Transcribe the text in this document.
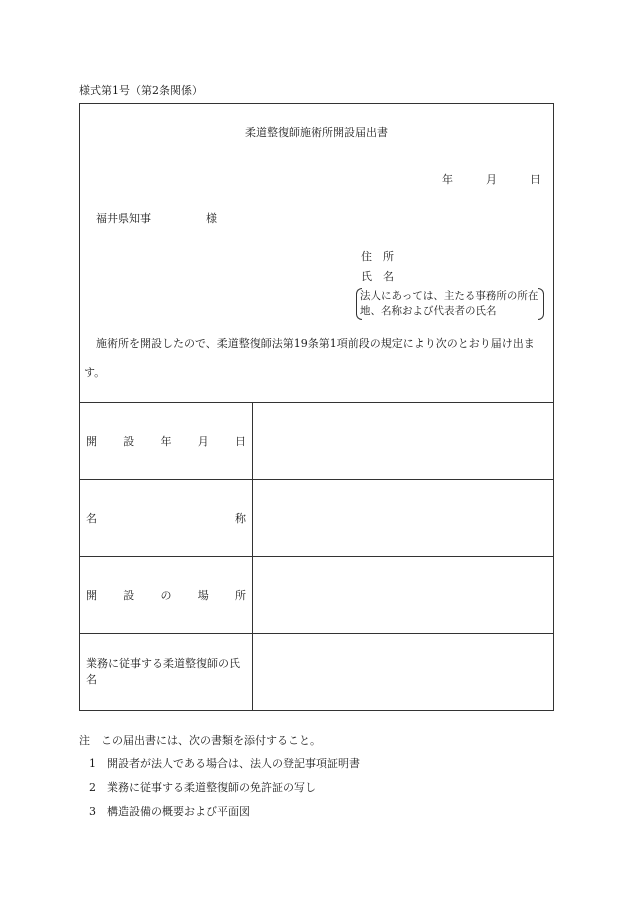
様式第1号（第2条関係）
柔道整復師施術所開設届出書
年	月	日
福井県知事	様
住　所
氏　名
法人にあっては、主たる事務所の所在地、名称および代表者の氏名
施術所を開設したので、柔道整復師法第19条第1項前段の規定により次のとおり届け出ます。
開 設 年 月 日	

名 称	

開 設 の 場 所	

業務に従事する柔道整復師の氏名	

注　この届出書には、次の書類を添付すること。
1　開設者が法人である場合は、法人の登記事項証明書
2　業務に従事する柔道整復師の免許証の写し
3　構造設備の概要および平面図
